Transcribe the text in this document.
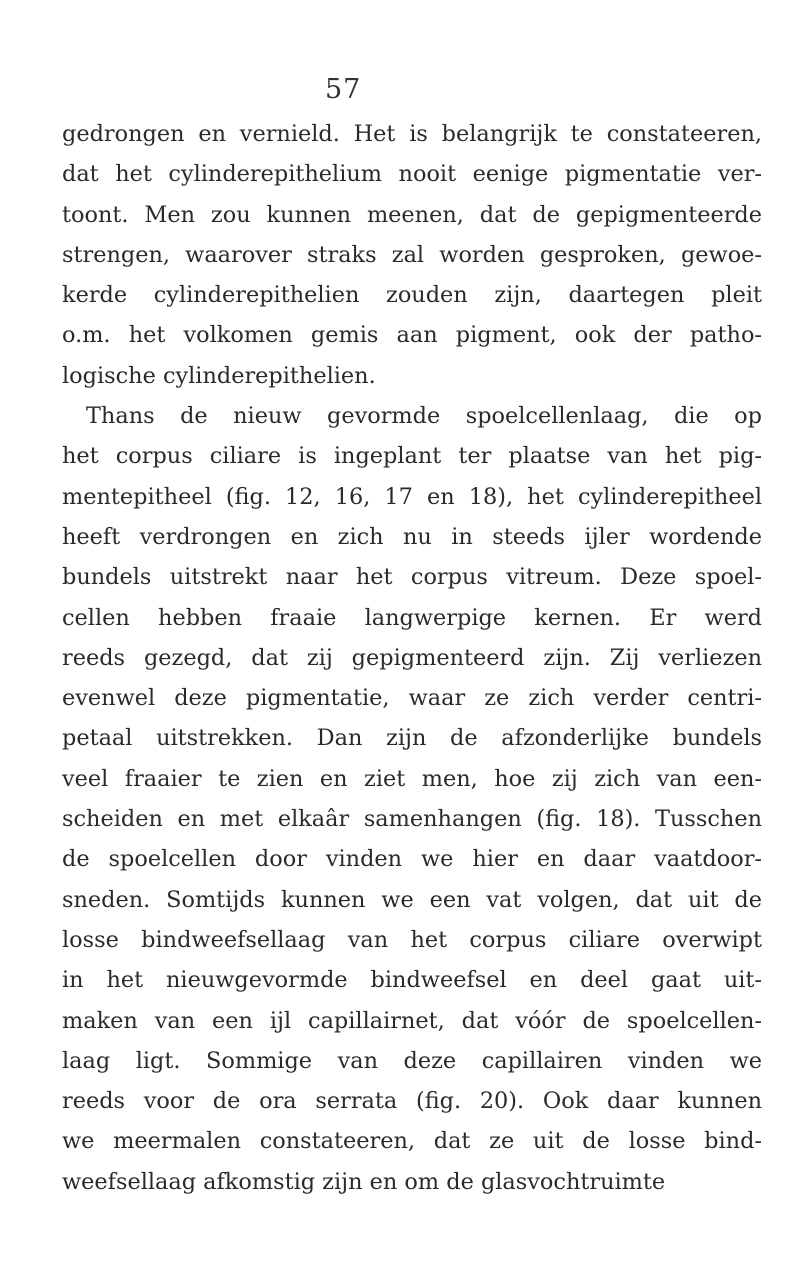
57
gedrongen en vernield. Het is belangrijk te constateeren,
dat het cylinderepithelium nooit eenige pigmentatie ver-
toont. Men zou kunnen meenen, dat de gepigmenteerde
strengen, waarover straks zal worden gesproken, gewoe-
kerde cylinderepithelien zouden zijn, daartegen pleit
o.m. het volkomen gemis aan pigment, ook der patho-
logische cylinderepithelien.
Thans de nieuw gevormde spoelcellenlaag, die op
het corpus ciliare is ingeplant ter plaatse van het pig-
mentepitheel (fig. 12, 16, 17 en 18), het cylinderepitheel
heeft verdrongen en zich nu in steeds ijler wordende
bundels uitstrekt naar het corpus vitreum. Deze spoel-
cellen hebben fraaie langwerpige kernen. Er werd
reeds gezegd, dat zij gepigmenteerd zijn. Zij verliezen
evenwel deze pigmentatie, waar ze zich verder centri-
petaal uitstrekken. Dan zijn de afzonderlijke bundels
veel fraaier te zien en ziet men, hoe zij zich van een-
scheiden en met elkaâr samenhangen (fig. 18). Tusschen
de spoelcellen door vinden we hier en daar vaatdoor-
sneden. Somtijds kunnen we een vat volgen, dat uit de
losse bindweefsellaag van het corpus ciliare overwipt
in het nieuwgevormde bindweefsel en deel gaat uit-
maken van een ijl capillairnet, dat vóór de spoelcellen-
laag ligt. Sommige van deze capillairen vinden we
reeds voor de ora serrata (fig. 20). Ook daar kunnen
we meermalen constateeren, dat ze uit de losse bind-
weefsellaag afkomstig zijn en om de glasvochtruimte
